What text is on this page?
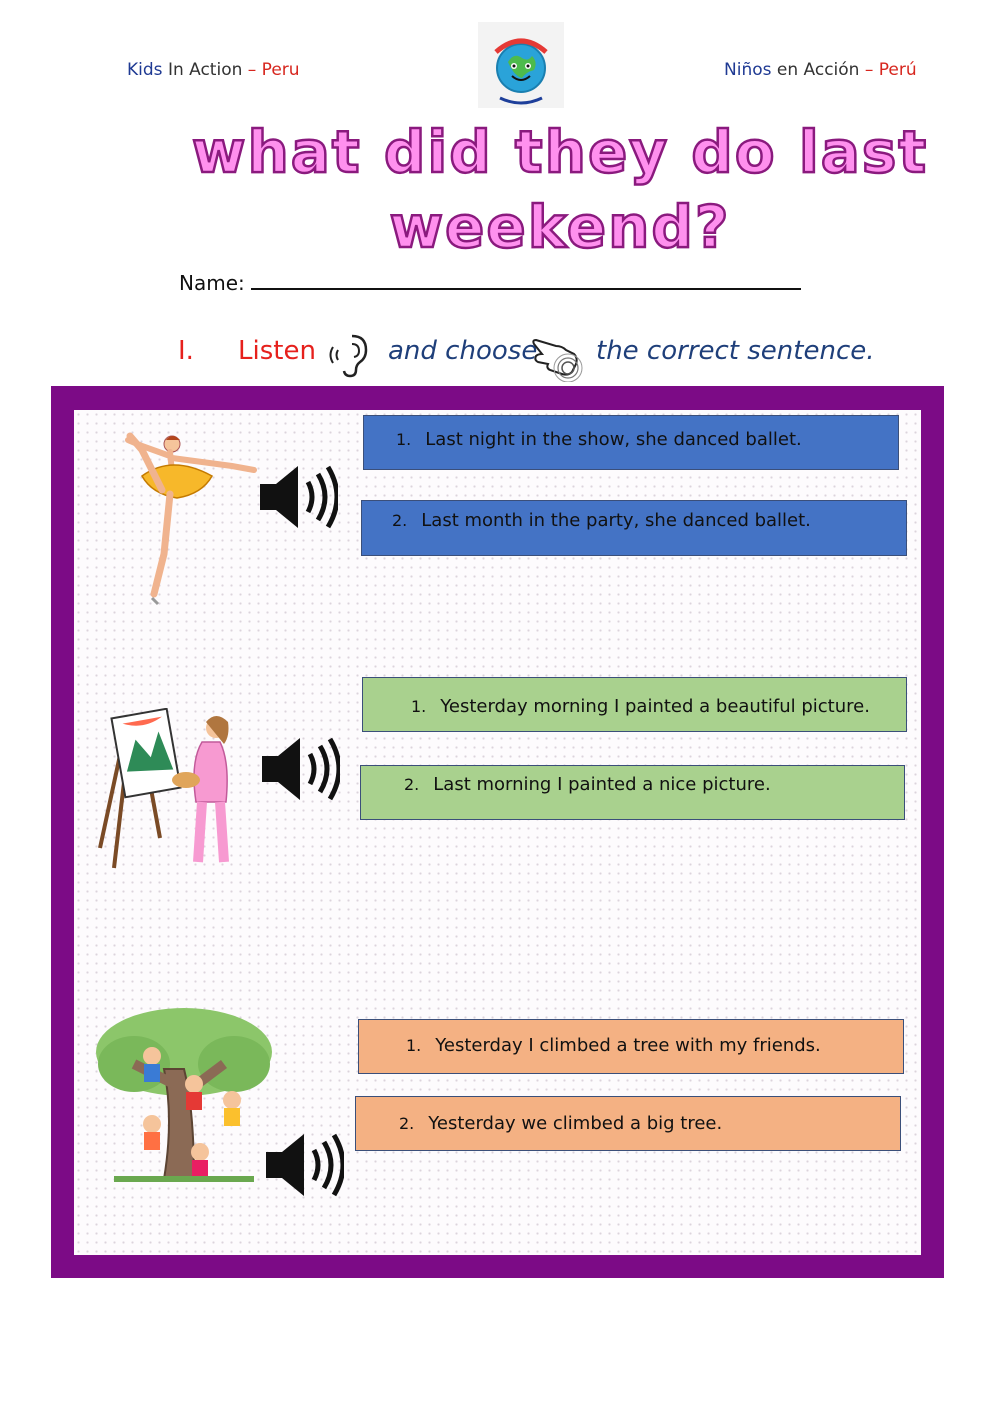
Kids In Action – Peru	Niños en Acción – Perú
what did they do last
weekend?
Name:
I. Listen	and choose the correct sentence.
1. Last night in the show, she danced ballet.
2. Last month in the party, she danced ballet.
1. Yesterday morning I painted a beautiful picture.
2. Last morning I painted a nice picture.
1. Yesterday I climbed a tree with my friends.
2. Yesterday we climbed a big tree.
